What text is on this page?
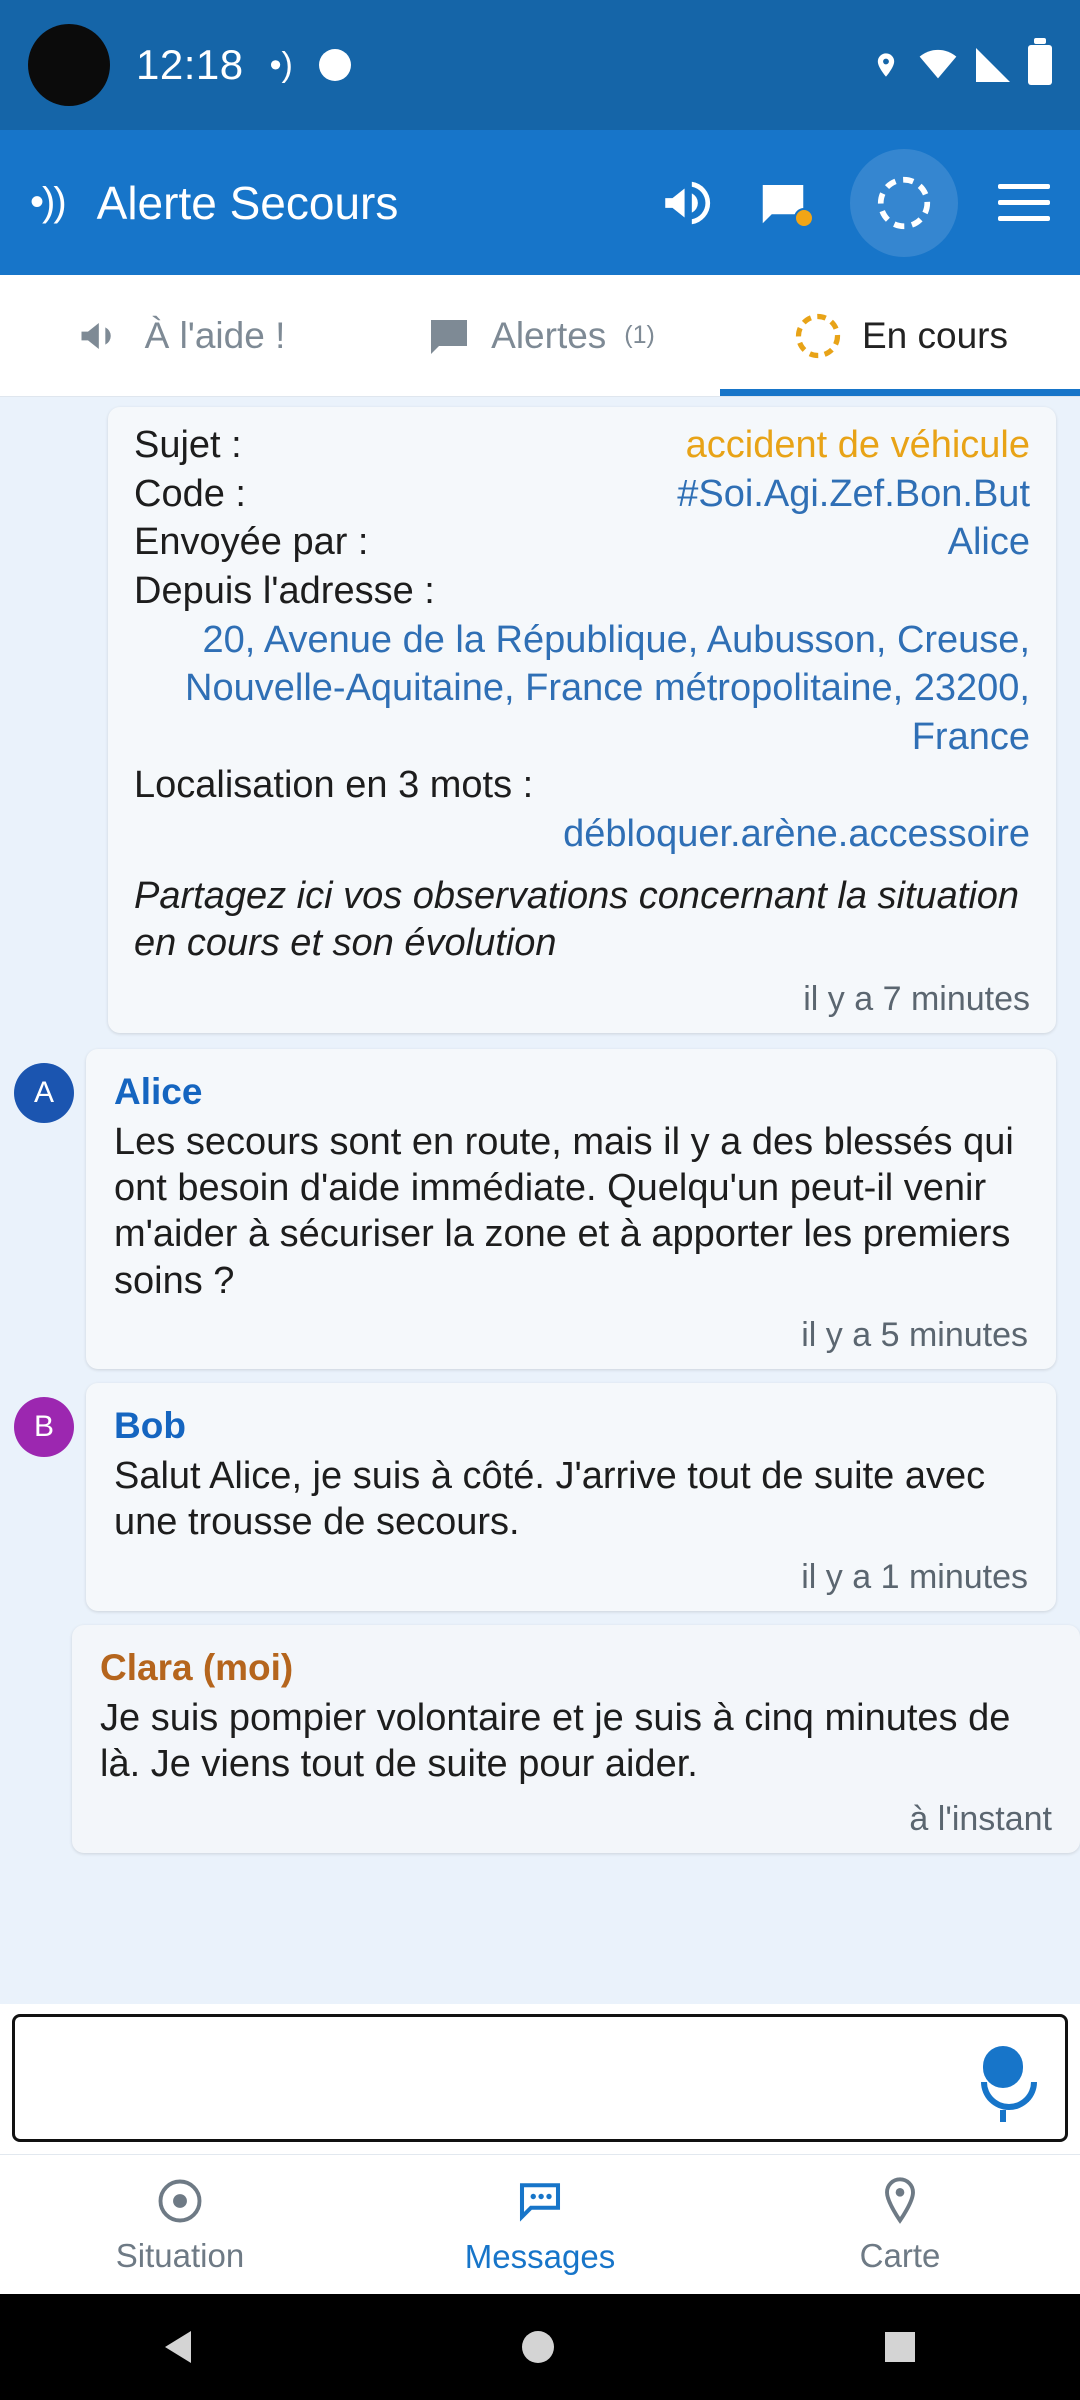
12:18 •)
•)) Alerte Secours
À l'aide !	Alertes (1)	En cours
Sujet :	accident de véhicule
Code :	#Soi.Agi.Zef.Bon.But
Envoyée par :	Alice
Depuis l'adresse :
20, Avenue de la République, Aubusson, Creuse, Nouvelle-Aquitaine, France métropolitaine, 23200, France
Localisation en 3 mots :
débloquer.arène.accessoire
Partagez ici vos observations concernant la situation en cours et son évolution
il y a 7 minutes
A	Alice
Les secours sont en route, mais il y a des blessés qui ont besoin d'aide immédiate. Quelqu'un peut-il venir m'aider à sécuriser la zone et à apporter les premiers soins ?
il y a 5 minutes
B	Bob
Salut Alice, je suis à côté. J'arrive tout de suite avec une trousse de secours.
il y a 1 minutes
Clara (moi)
Je suis pompier volontaire et je suis à cinq minutes de là. Je viens tout de suite pour aider.
à l'instant
Situation	Messages	Carte
